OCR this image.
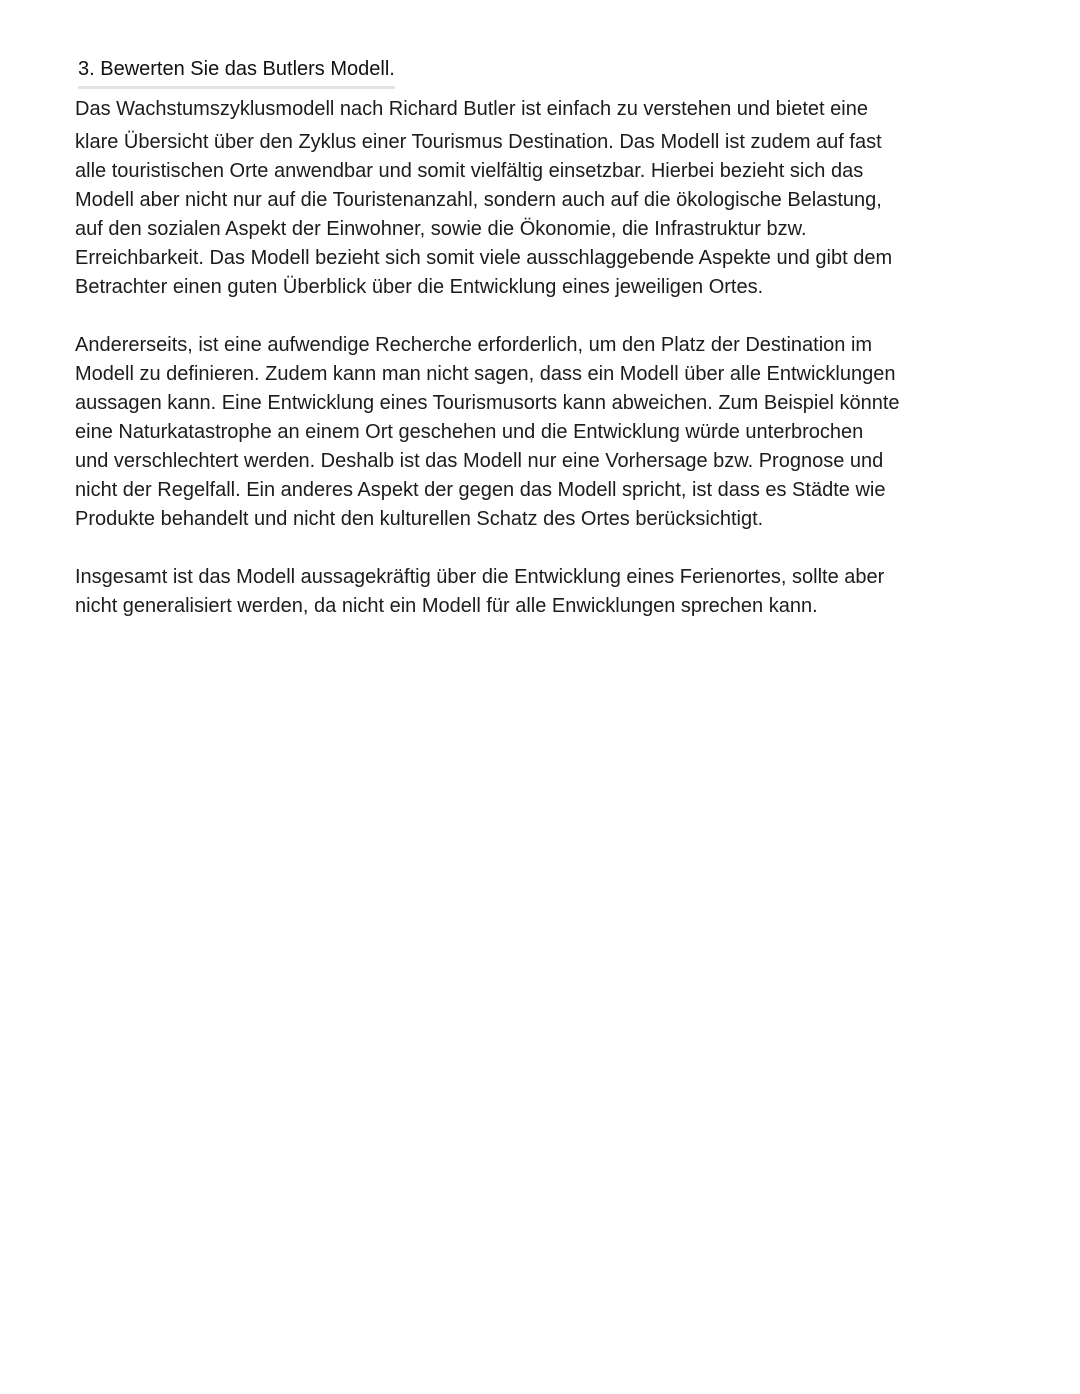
3. Bewerten Sie das Butlers Modell.

Das Wachstumszyklusmodell nach Richard Butler ist einfach zu verstehen und bietet eine
klare Übersicht über den Zyklus einer Tourismus Destination. Das Modell ist zudem auf fast
alle touristischen Orte anwendbar und somit vielfältig einsetzbar. Hierbei bezieht sich das
Modell aber nicht nur auf die Touristenanzahl, sondern auch auf die ökologische Belastung,
auf den sozialen Aspekt der Einwohner, sowie die Ökonomie, die Infrastruktur bzw.
Erreichbarkeit. Das Modell bezieht sich somit viele ausschlaggebende Aspekte und gibt dem
Betrachter einen guten Überblick über die Entwicklung eines jeweiligen Ortes.

Andererseits, ist eine aufwendige Recherche erforderlich, um den Platz der Destination im
Modell zu definieren. Zudem kann man nicht sagen, dass ein Modell über alle Entwicklungen
aussagen kann. Eine Entwicklung eines Tourismusorts kann abweichen. Zum Beispiel könnte
eine Naturkatastrophe an einem Ort geschehen und die Entwicklung würde unterbrochen
und verschlechtert werden. Deshalb ist das Modell nur eine Vorhersage bzw. Prognose und
nicht der Regelfall. Ein anderes Aspekt der gegen das Modell spricht, ist dass es Städte wie
Produkte behandelt und nicht den kulturellen Schatz des Ortes berücksichtigt.

Insgesamt ist das Modell aussagekräftig über die Entwicklung eines Ferienortes, sollte aber
nicht generalisiert werden, da nicht ein Modell für alle Enwicklungen sprechen kann.
